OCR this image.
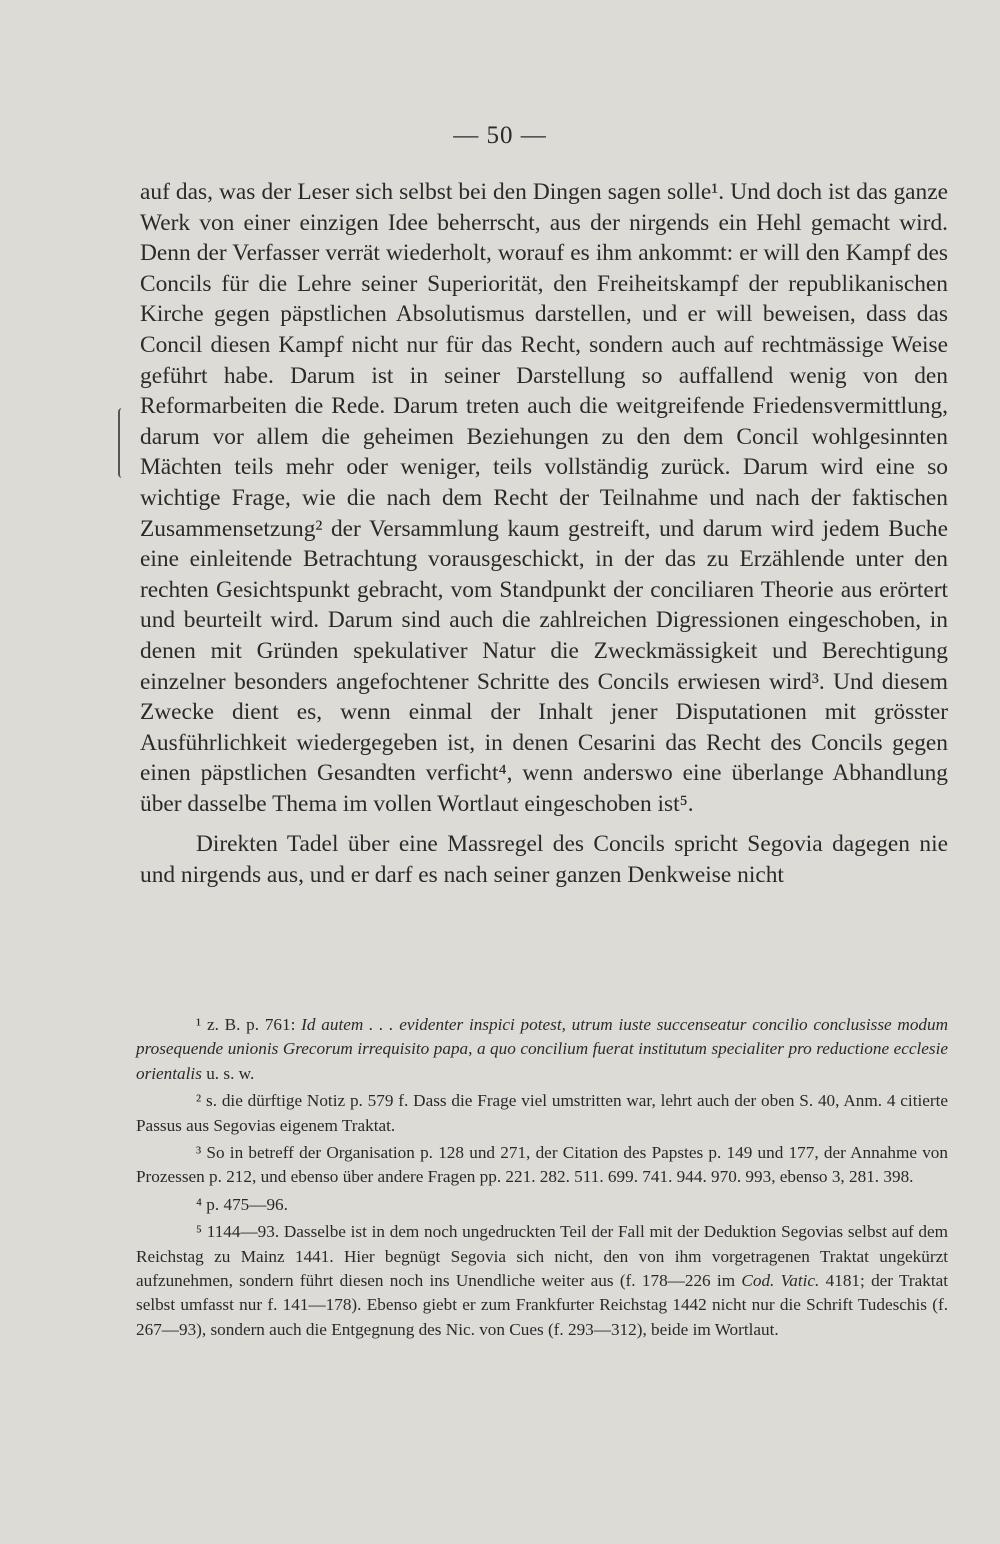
— 50 —

auf das, was der Leser sich selbst bei den Dingen sagen solle¹. Und doch ist das ganze Werk von einer einzigen Idee beherrscht, aus der nirgends ein Hehl gemacht wird. Denn der Verfasser verrät wiederholt, worauf es ihm ankommt: er will den Kampf des Concils für die Lehre seiner Superiorität, den Freiheitskampf der republikanischen Kirche gegen päpstlichen Absolutismus darstellen, und er will beweisen, dass das Concil diesen Kampf nicht nur für das Recht, sondern auch auf rechtmässige Weise geführt habe. Darum ist in seiner Darstellung so auffallend wenig von den Reformarbeiten die Rede. Darum treten auch die weitgreifende Friedensvermittlung, darum vor allem die geheimen Beziehungen zu den dem Concil wohlgesinnten Mächten teils mehr oder weniger, teils vollständig zurück. Darum wird eine so wichtige Frage, wie die nach dem Recht der Teilnahme und nach der faktischen Zusammensetzung² der Versammlung kaum gestreift, und darum wird jedem Buche eine einleitende Betrachtung vorausgeschickt, in der das zu Erzählende unter den rechten Gesichtspunkt gebracht, vom Standpunkt der conciliaren Theorie aus erörtert und beurteilt wird. Darum sind auch die zahlreichen Digressionen eingeschoben, in denen mit Gründen spekulativer Natur die Zweckmässigkeit und Berechtigung einzelner besonders angefochtener Schritte des Concils erwiesen wird³. Und diesem Zwecke dient es, wenn einmal der Inhalt jener Disputationen mit grösster Ausführlichkeit wiedergegeben ist, in denen Cesarini das Recht des Concils gegen einen päpstlichen Gesandten verficht⁴, wenn anderswo eine überlange Abhandlung über dasselbe Thema im vollen Wortlaut eingeschoben ist⁵.

Direkten Tadel über eine Massregel des Concils spricht Segovia dagegen nie und nirgends aus, und er darf es nach seiner ganzen Denkweise nicht

¹ z. B. p. 761: Id autem . . . evidenter inspici potest, utrum iuste succenseatur concilio conclusisse modum prosequende unionis Grecorum irrequisito papa, a quo concilium fuerat institutum specialiter pro reductione ecclesie orientalis u. s. w.

² s. die dürftige Notiz p. 579 f. Dass die Frage viel umstritten war, lehrt auch der oben S. 40, Anm. 4 citierte Passus aus Segovias eigenem Traktat.

³ So in betreff der Organisation p. 128 und 271, der Citation des Papstes p. 149 und 177, der Annahme von Prozessen p. 212, und ebenso über andere Fragen pp. 221. 282. 511. 699. 741. 944. 970. 993, ebenso 3, 281. 398.

⁴ p. 475—96.

⁵ 1144—93. Dasselbe ist in dem noch ungedruckten Teil der Fall mit der Deduktion Segovias selbst auf dem Reichstag zu Mainz 1441. Hier begnügt Segovia sich nicht, den von ihm vorgetragenen Traktat ungekürzt aufzunehmen, sondern führt diesen noch ins Unendliche weiter aus (f. 178—226 im Cod. Vatic. 4181; der Traktat selbst umfasst nur f. 141—178). Ebenso giebt er zum Frankfurter Reichstag 1442 nicht nur die Schrift Tudeschis (f. 267—93), sondern auch die Entgegnung des Nic. von Cues (f. 293—312), beide im Wortlaut.
